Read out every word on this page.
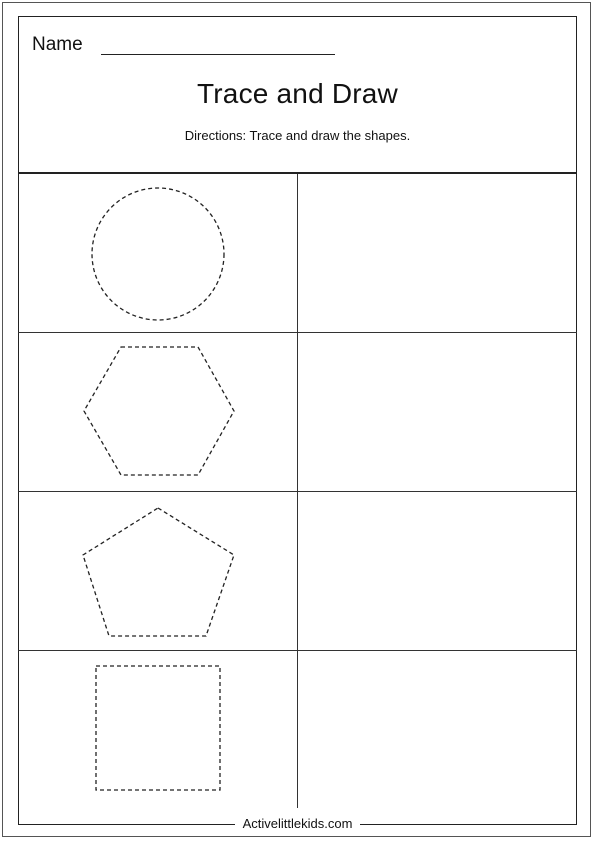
Name
Trace and Draw
Directions: Trace and draw the shapes.
Activelittlekids.com
